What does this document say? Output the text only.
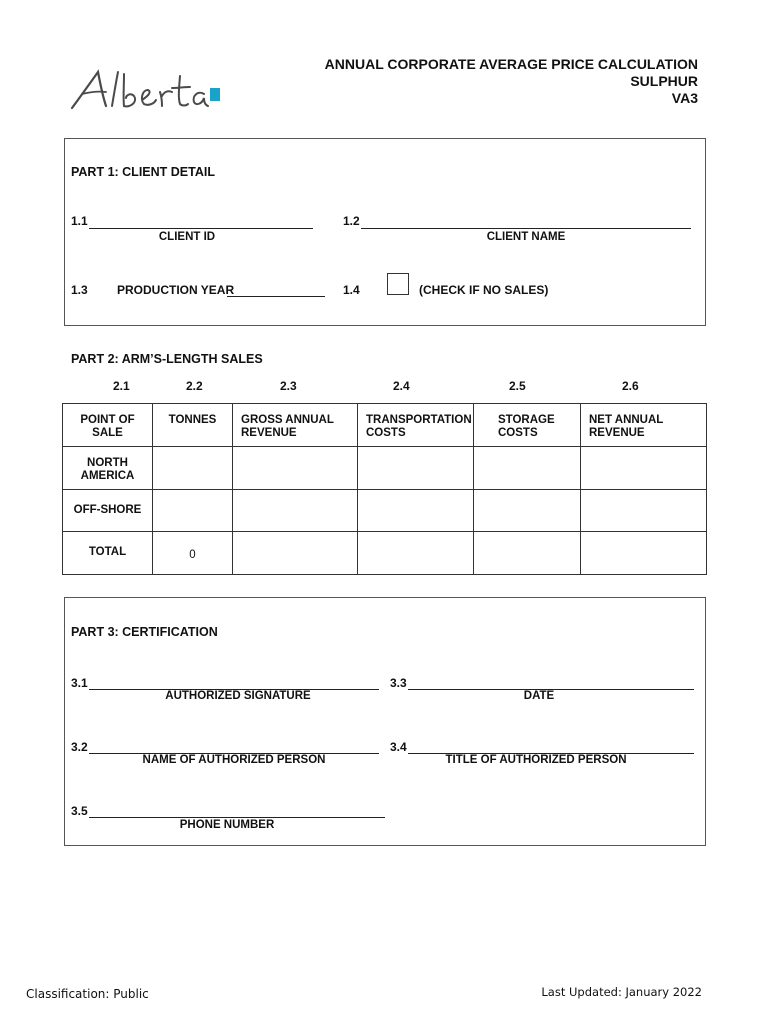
ANNUAL CORPORATE AVERAGE PRICE CALCULATION
SULPHUR
VA3
PART 1: CLIENT DETAIL
1.1
CLIENT ID
1.2
CLIENT NAME
1.3 PRODUCTION YEAR	1.4	(CHECK IF NO SALES)
PART 2: ARM’S-LENGTH SALES
2.1	2.2	2.3	2.4	2.5	2.6
POINT OF SALE	TONNES	GROSS ANNUAL REVENUE	TRANSPORTATION COSTS	STORAGE COSTS	NET ANNUAL REVENUE
NORTH AMERICA					
OFF-SHORE					
TOTAL	0				
PART 3: CERTIFICATION
3.1
AUTHORIZED SIGNATURE
3.3
DATE
3.2
NAME OF AUTHORIZED PERSON
3.4
TITLE OF AUTHORIZED PERSON
3.5
PHONE NUMBER
Classification: Public	Last Updated: January 2022
